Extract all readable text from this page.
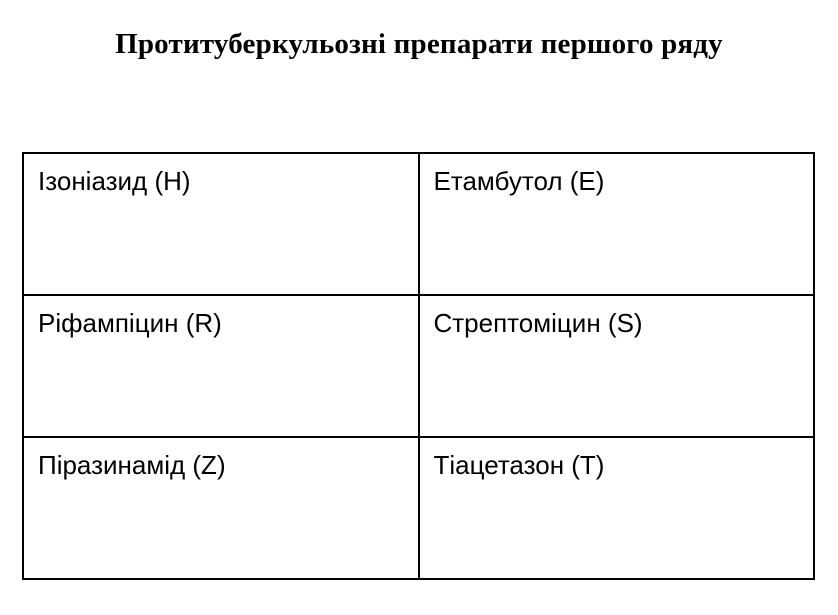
Протитуберкульозні препарати першого ряду
Ізоніазид (H)	Етамбутол (E)
Ріфампіцин (R)	Стрептоміцин (S)
Піразинамід (Z)	Тіацетазон (T)
